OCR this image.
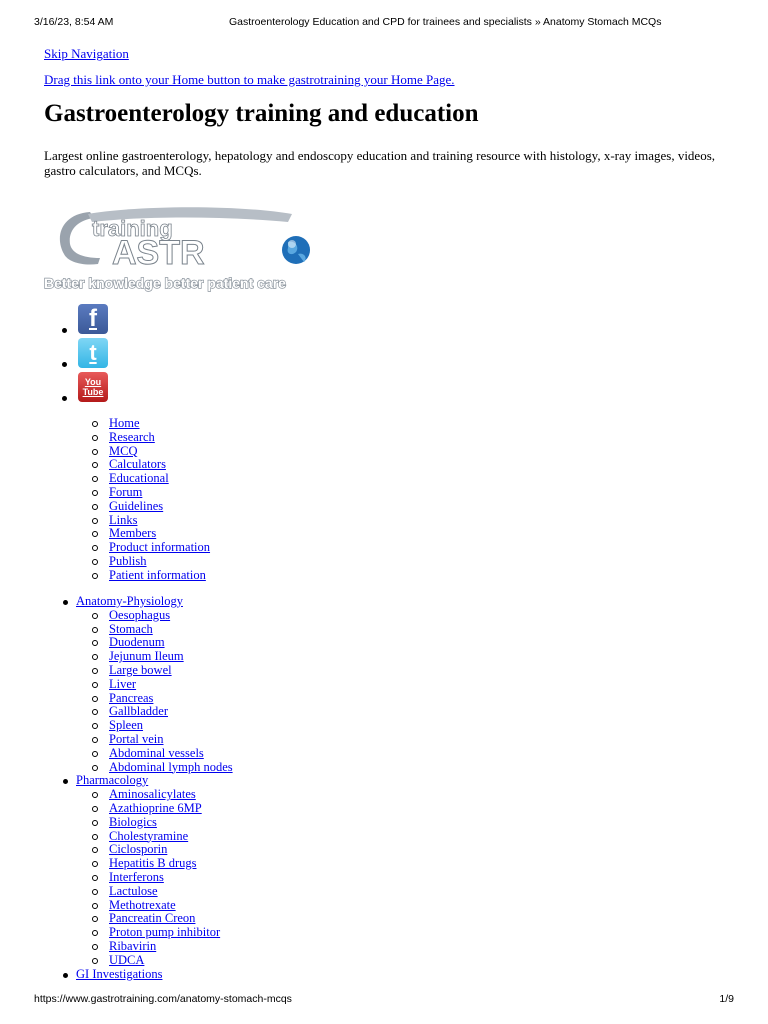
3/16/23, 8:54 AM	Gastroenterology Education and CPD for trainees and specialists » Anatomy Stomach MCQs
Skip Navigation
Drag this link onto your Home button to make gastrotraining your Home Page.
Gastroenterology training and education

Largest online gastroenterology, hepatology and endoscopy education and training resource with histology, x-ray images, videos, gastro calculators, and MCQs.

training
ASTR
Better knowledge better patient care
f
t
You
Tube
Home
Research
MCQ
Calculators
Educational
Forum
Guidelines
Links
Members
Product information
Publish
Patient information
Anatomy-Physiology
Oesophagus
Stomach
Duodenum
Jejunum Ileum
Large bowel
Liver
Pancreas
Gallbladder
Spleen
Portal vein
Abdominal vessels
Abdominal lymph nodes
Pharmacology
Aminosalicylates
Azathioprine 6MP
Biologics
Cholestyramine
Ciclosporin
Hepatitis B drugs
Interferons
Lactulose
Methotrexate
Pancreatin Creon
Proton pump inhibitor
Ribavirin
UDCA
GI Investigations
https://www.gastrotraining.com/anatomy-stomach-mcqs	1/9
